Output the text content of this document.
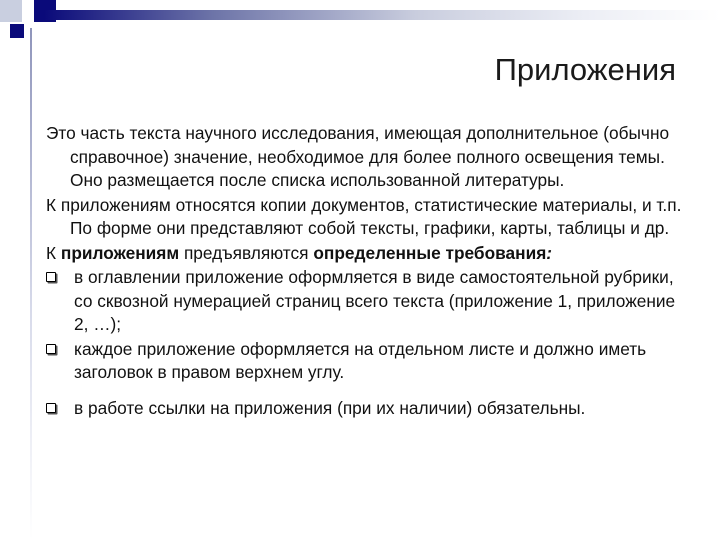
Приложения

Это часть текста научного исследования, имеющая дополнительное (обычно справочное) значение, необходимое для более полного освещения темы. Оно размещается после списка использованной литературы.

К приложениям относятся копии документов, статистические материалы, и т.п. По форме они представляют собой тексты, графики, карты, таблицы и др.

К приложениям предъявляются определенные требования:

в оглавлении приложение оформляется в виде самостоятельной рубрики, со сквозной нумерацией страниц всего текста (приложение 1, приложение 2, …);
каждое приложение оформляется на отдельном листе и должно иметь заголовок в правом верхнем углу.
в работе ссылки на приложения (при их наличии) обязательны.
